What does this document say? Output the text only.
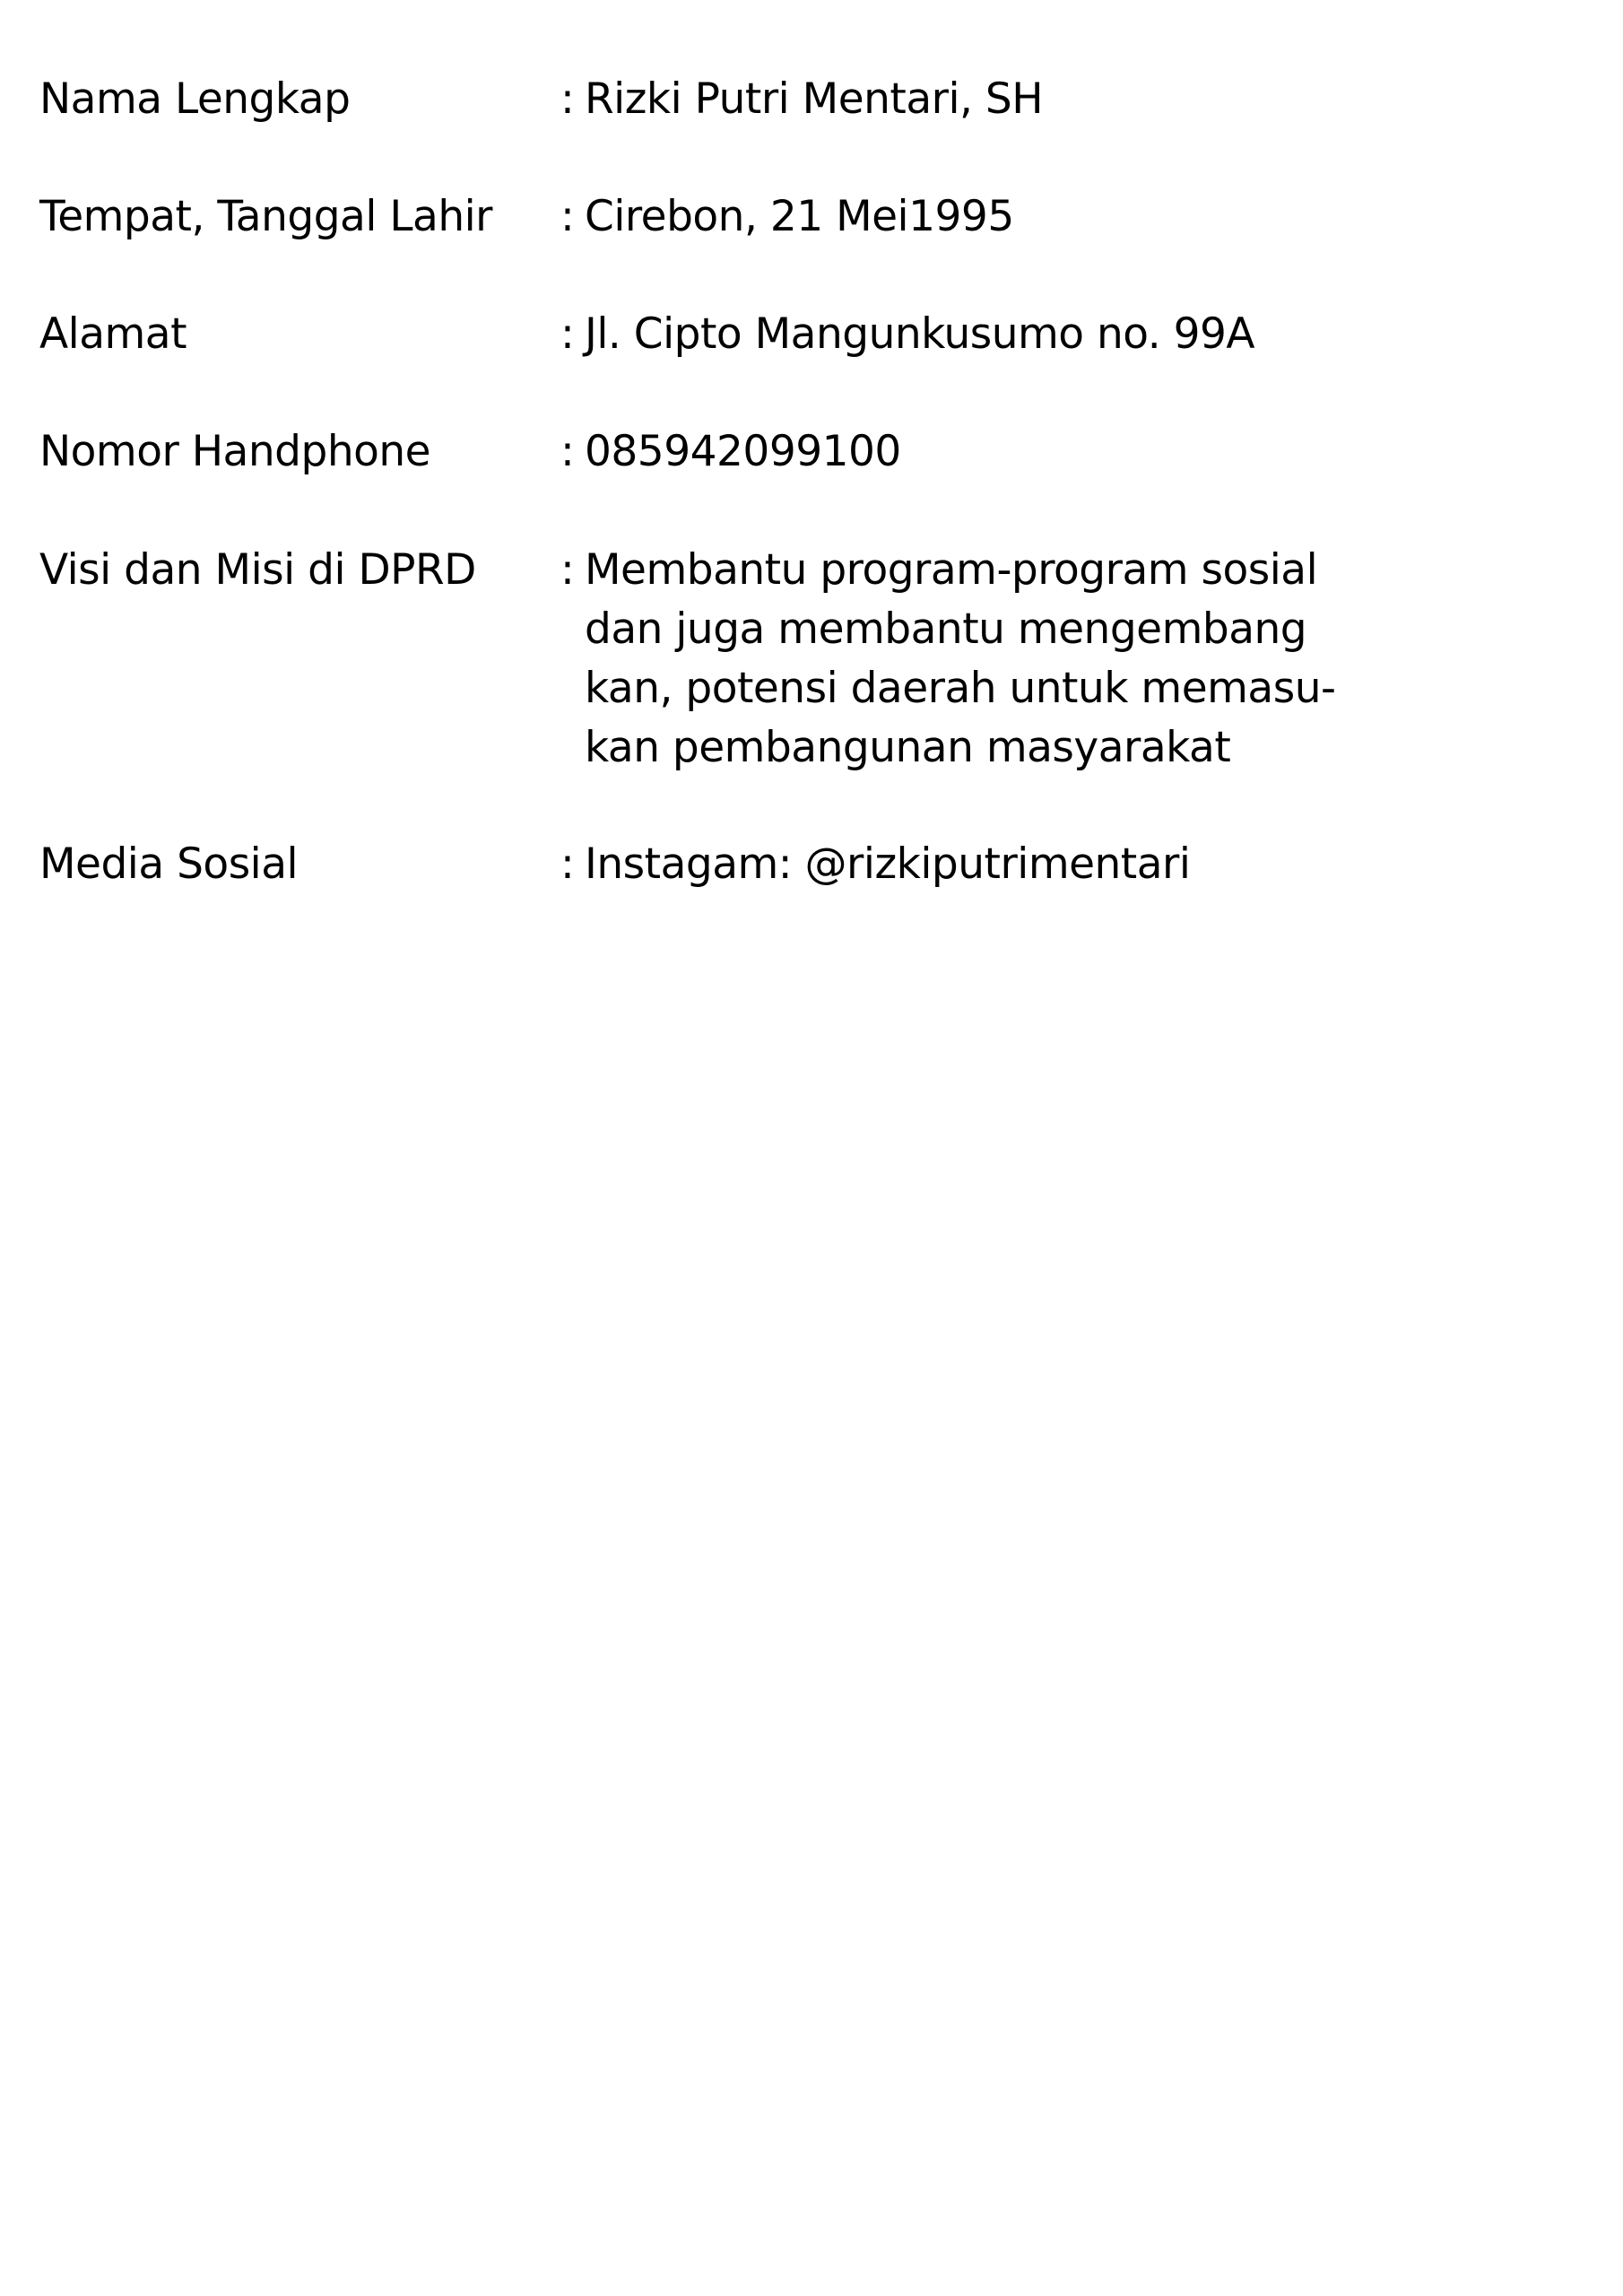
Nama Lengkap	: Rizki Putri Mentari, SH
Tempat, Tanggal Lahir	: Cirebon, 21 Mei1995
Alamat	: Jl. Cipto Mangunkusumo no. 99A
Nomor Handphone	: 085942099100
Visi dan Misi di DPRD	: Membantu program-program sosial
dan juga membantu mengembang
kan, potensi daerah untuk memasu-
kan pembangunan masyarakat
Media Sosial	: Instagam: @rizkiputrimentari
